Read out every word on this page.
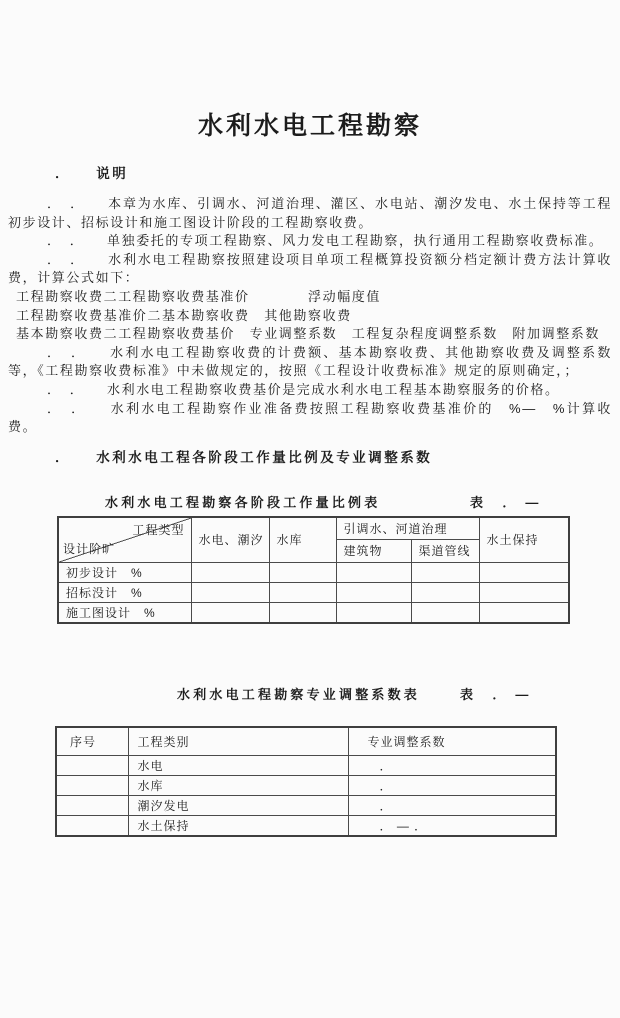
水利水电工程勘察
．　　说明

．　．　　本章为水库、引调水、河道治理、灌区、水电站、潮汐发电、水土保持等工程初步设计、招标设计和施工图设计阶段的工程勘察收费。

．　．　　单独委托的专项工程勘察、风力发电工程勘察，执行通用工程勘察收费标准。

．　．　　水利水电工程勘察按照建设项目单项工程概算投资额分档定额计费方法计算收费，计算公式如下：

工程勘察收费二工程勘察收费基准价　　　　浮动幅度值

工程勘察收费基准价二基本勘察收费　其他勘察收费

基本勘察收费二工程勘察收费基价　专业调整系数　工程复杂程度调整系数　附加调整系数

．　．　　水利水电工程勘察收费的计费额、基本勘察收费、其他勘察收费及调整系数等，《工程勘察收费标准》中未做规定的，按照《工程设计收费标准》规定的原则确定，；

．　．　　水利水电工程勘察收费基价是完成水利水电工程基本勘察服务的价格。

．　．　　水利水电工程勘察作业准备费按照工程勘察收费基准价的　%—　%计算收费。

．　　水利水电工程各阶段工作量比例及专业调整系数
水利水电工程勘察各阶段工作量比例表	表　． —
工程类型
设计阶旷	水电、潮汐	水库	引调水、河道治理		水土保持
			建筑物	渠道管线	
初步设计　%					
招标没计　%					
施工图设计　%					
水利水电工程勘察专业调整系数表	表　． —
序号	工程类别	专业调整系数
	水电	．
	水库	．
	潮汐发电	．
	水土保持	． — ．
